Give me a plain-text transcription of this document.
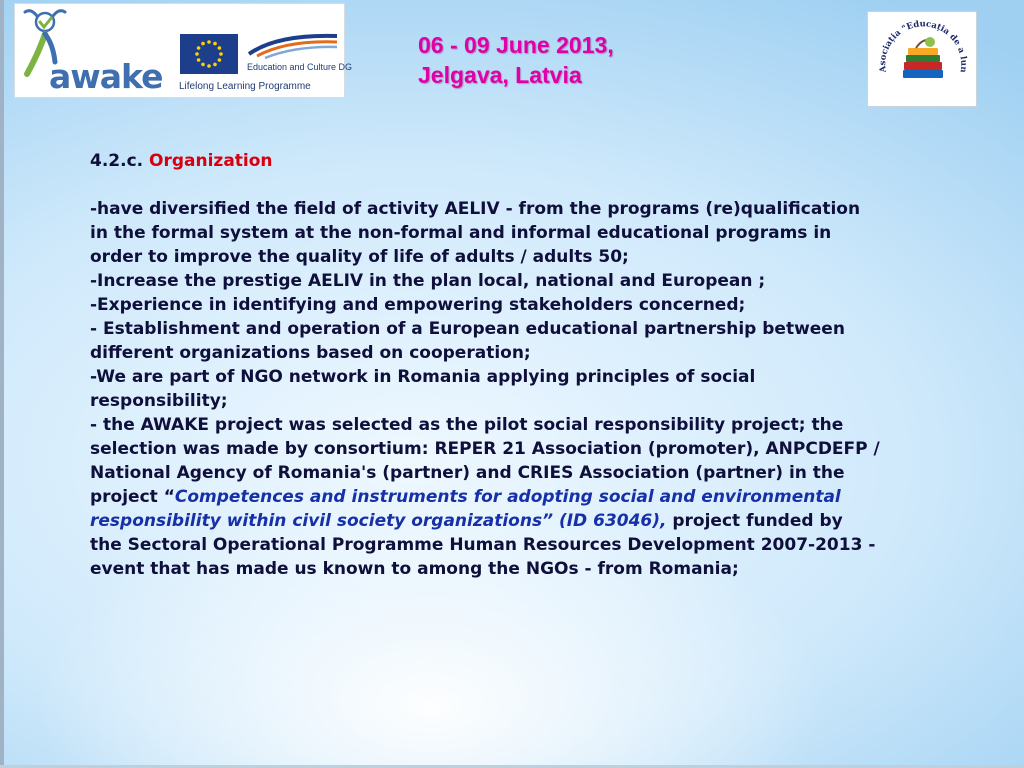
awake	Education and Culture DG
Lifelong Learning Programme
06 - 09 June 2013,
Jelgava, Latvia	Asociația "Educația de a lun
4.2.c. Organization

-have diversified the field of activity AELIV - from the programs (re)qualification in the formal system at the non-formal and informal educational programs in order to improve the quality of life of adults / adults 50;

-Increase the prestige AELIV in the plan local, national and European ;

-Experience in identifying and empowering stakeholders concerned;

- Establishment and operation of a European educational partnership between different organizations based on cooperation;

-We are part of NGO network in Romania applying principles of social responsibility;

- the AWAKE project was selected as the pilot social responsibility project; the selection was made by consortium: REPER 21 Association (promoter), ANPCDEFP / National Agency of Romania's (partner) and CRIES Association (partner) in the project “Competences and instruments for adopting social and environmental responsibility within civil society organizations” (ID 63046), project funded by the Sectoral Operational Programme Human Resources Development 2007-2013 - event that has made us known to among the NGOs - from Romania;
